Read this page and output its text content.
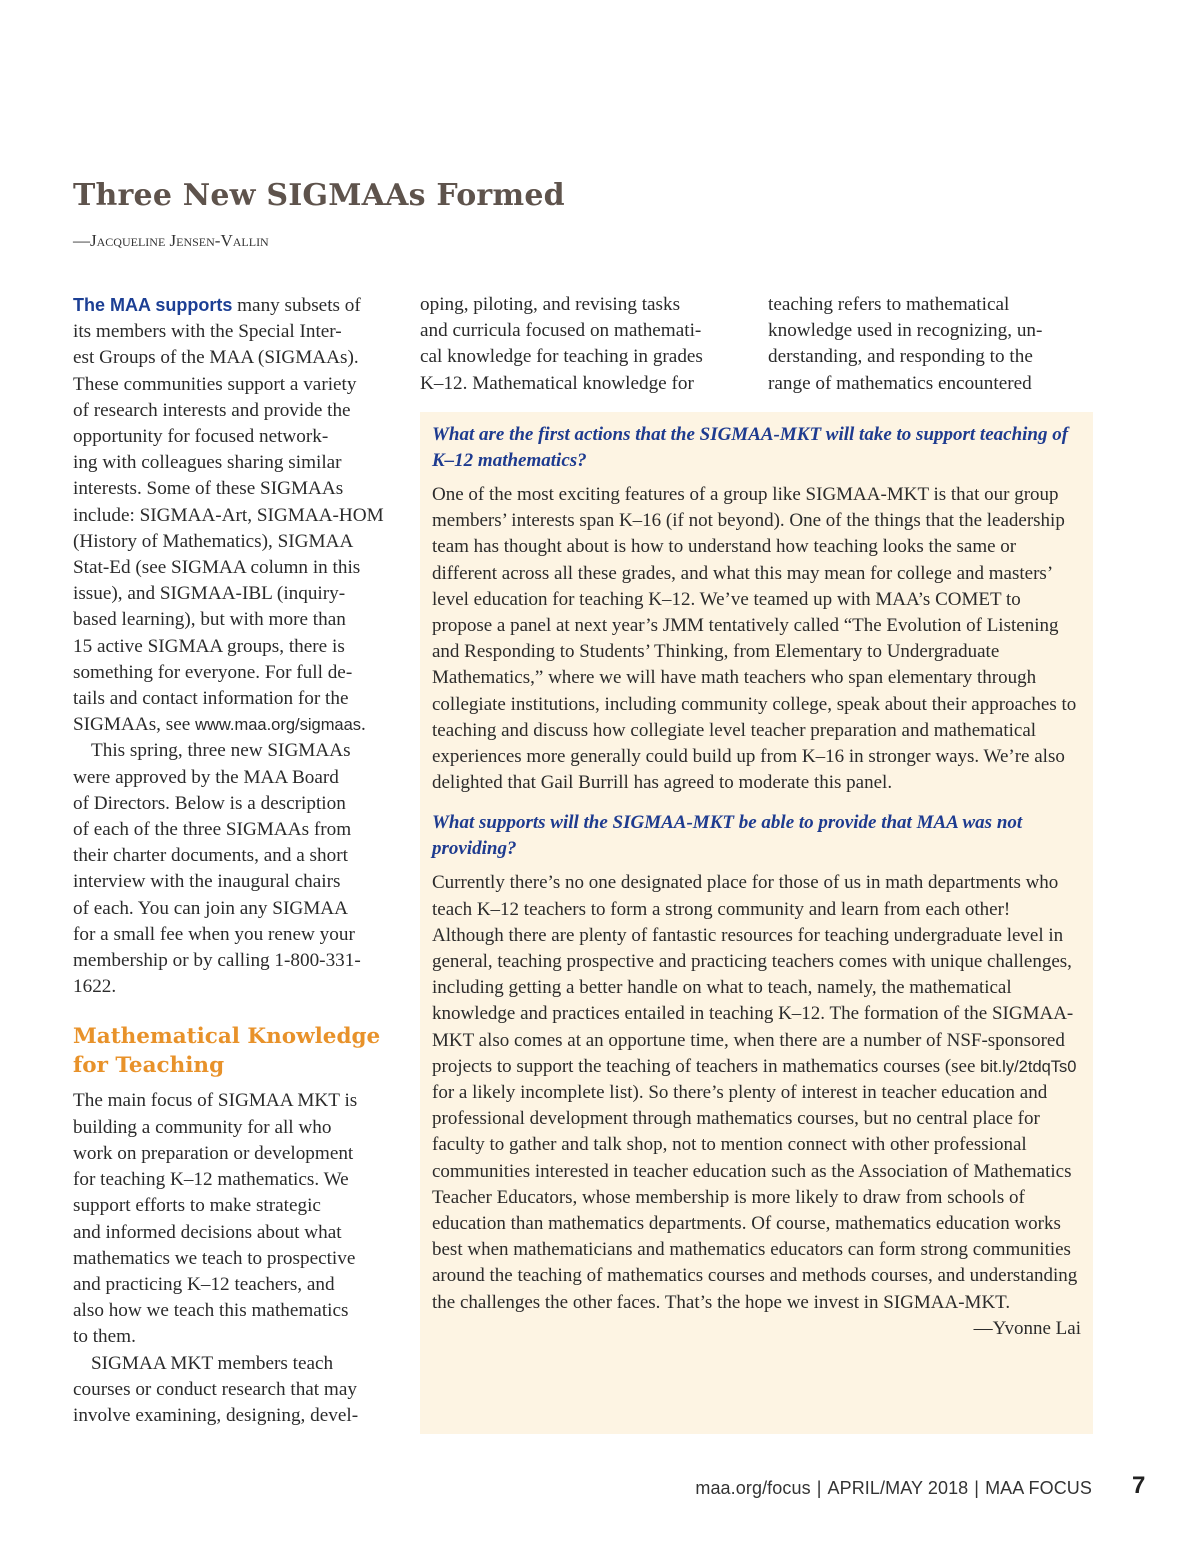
Three New SIGMAAs Formed

—Jacqueline Jensen-Vallin

The MAA supports many subsets of
its members with the Special Inter-
est Groups of the MAA (SIGMAAs).
These communities support a variety
of research interests and provide the
opportunity for focused network-
ing with colleagues sharing similar
interests. Some of these SIGMAAs
include: SIGMAA-Art, SIGMAA-HOM
(History of Mathematics), SIGMAA
Stat-Ed (see SIGMAA column in this
issue), and SIGMAA-IBL (inquiry-
based learning), but with more than
15 active SIGMAA groups, there is
something for everyone. For full de-
tails and contact information for the
SIGMAAs, see www.maa.org/sigmaas.

This spring, three new SIGMAAs
were approved by the MAA Board
of Directors. Below is a description
of each of the three SIGMAAs from
their charter documents, and a short
interview with the inaugural chairs
of each. You can join any SIGMAA
for a small fee when you renew your
membership or by calling 1-800-331-
1622.

Mathematical Knowledge for Teaching

The main focus of SIGMAA MKT is
building a community for all who
work on preparation or development
for teaching K–12 mathematics. We
support efforts to make strategic
and informed decisions about what
mathematics we teach to prospective
and practicing K–12 teachers, and
also how we teach this mathematics
to them.

SIGMAA MKT members teach
courses or conduct research that may
involve examining, designing, devel-

oping, piloting, and revising tasks
and curricula focused on mathemati-
cal knowledge for teaching in grades
K–12. Mathematical knowledge for
teaching refers to mathematical
knowledge used in recognizing, un-
derstanding, and responding to the
range of mathematics encountered

What are the first actions that the SIGMAA-MKT will take to support teaching of K–12 mathematics?

One of the most exciting features of a group like SIGMAA-MKT is that our group members’ interests span K–16 (if not beyond). One of the things that the leadership team has thought about is how to understand how teaching looks the same or different across all these grades, and what this may mean for college and masters’ level education for teaching K–12. We’ve teamed up with MAA’s COMET to propose a panel at next year’s JMM tentatively called “The Evolution of Listening and Responding to Students’ Thinking, from Elementary to Undergraduate Mathematics,” where we will have math teachers who span elementary through collegiate institutions, including community college, speak about their approaches to teaching and discuss how collegiate level teacher preparation and mathematical experiences more generally could build up from K–16 in stronger ways. We’re also delighted that Gail Burrill has agreed to moderate this panel.

What supports will the SIGMAA-MKT be able to provide that MAA was not providing?

Currently there’s no one designated place for those of us in math departments who teach K–12 teachers to form a strong community and learn from each other! Although there are plenty of fantastic resources for teaching undergraduate level in general, teaching prospective and practicing teachers comes with unique challenges, including getting a better handle on what to teach, namely, the mathematical knowledge and practices entailed in teaching K–12. The formation of the SIGMAA-MKT also comes at an opportune time, when there are a number of NSF-sponsored projects to support the teaching of teachers in mathematics courses (see bit.ly/2tdqTs0 for a likely incomplete list). So there’s plenty of interest in teacher education and professional development through mathematics courses, but no central place for faculty to gather and talk shop, not to mention connect with other professional communities interested in teacher education such as the Association of Mathematics Teacher Educators, whose membership is more likely to draw from schools of education than mathematics departments. Of course, mathematics education works best when mathematicians and mathematics educators can form strong communities around the teaching of mathematics courses and methods courses, and understanding the challenges the other faces. That’s the hope we invest in SIGMAA-MKT.
—Yvonne Lai

maa.org/focus | APRIL/MAY 2018 | MAA FOCUS 7
